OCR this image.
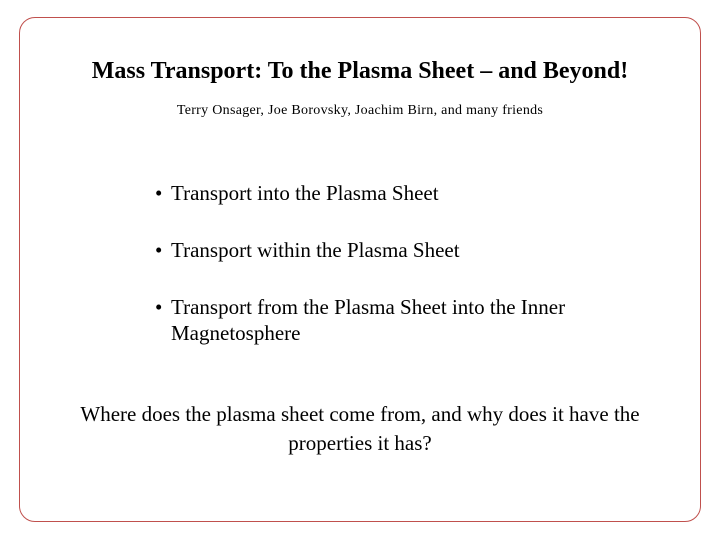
Mass Transport: To the Plasma Sheet – and Beyond!
Terry Onsager, Joe Borovsky, Joachim Birn, and many friends
• Transport into the Plasma Sheet
• Transport within the Plasma Sheet
• Transport from the Plasma Sheet into the Inner Magnetosphere
Where does the plasma sheet come from, and why does it have the properties it has?
